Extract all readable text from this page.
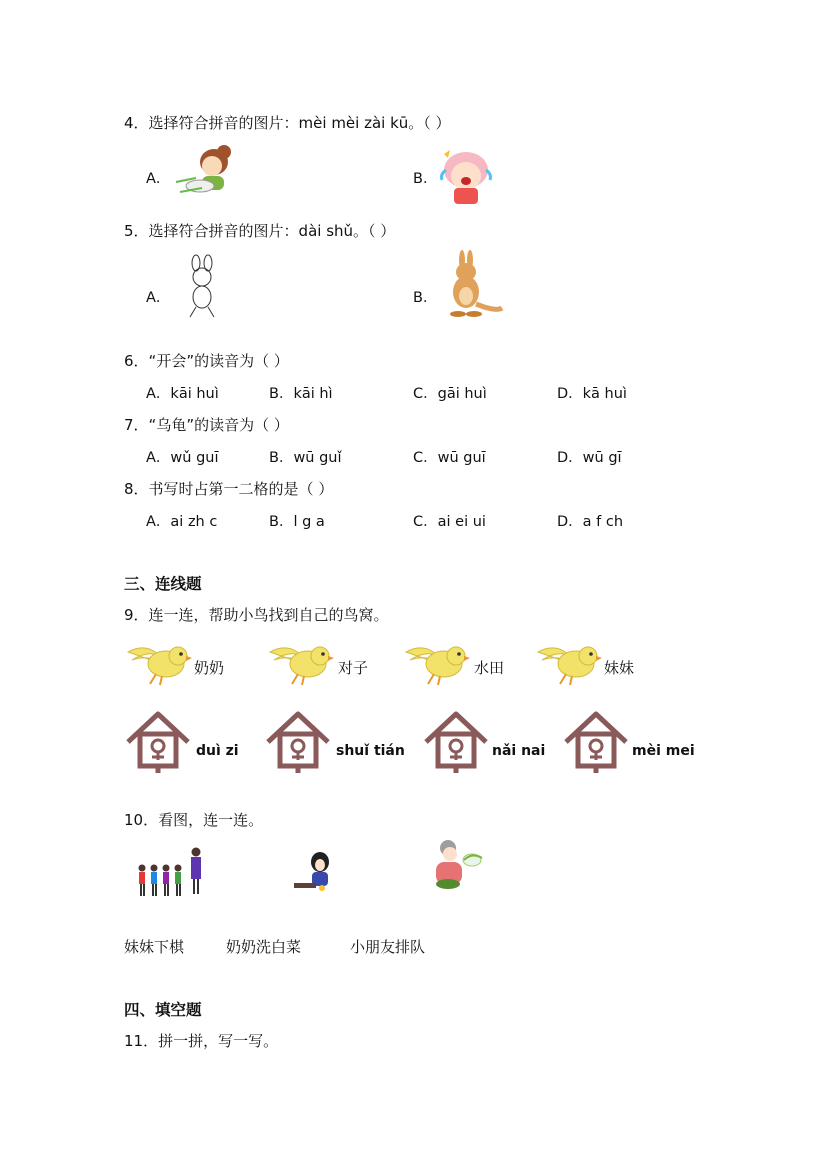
4．选择符合拼音的图片：mèi mèi zài kū。（ ）
A．	B．
5．选择符合拼音的图片：dài shǔ。（ ）
A．	B．
6．“开会”的读音为（ ）
A．kāi huì	B．kāi hì	C．gāi huì	D．kā huì
7．“乌龟”的读音为（ ）
A．wǔ guī	B．wū guǐ	C．wū guī	D．wū gī
8．书写时占第一二格的是（ ）
A．ai zh c	B．l g a	C．ai ei ui	D．a f ch
三、连线题
9．连一连，帮助小鸟找到自己的鸟窝。
奶奶	对子	水田	妹妹
duì zi	shuǐ tián	nǎi nai	mèi mei
10．看图，连一连。
妹妹下棋	奶奶洗白菜	小朋友排队
四、填空题
11．拼一拼，写一写。
